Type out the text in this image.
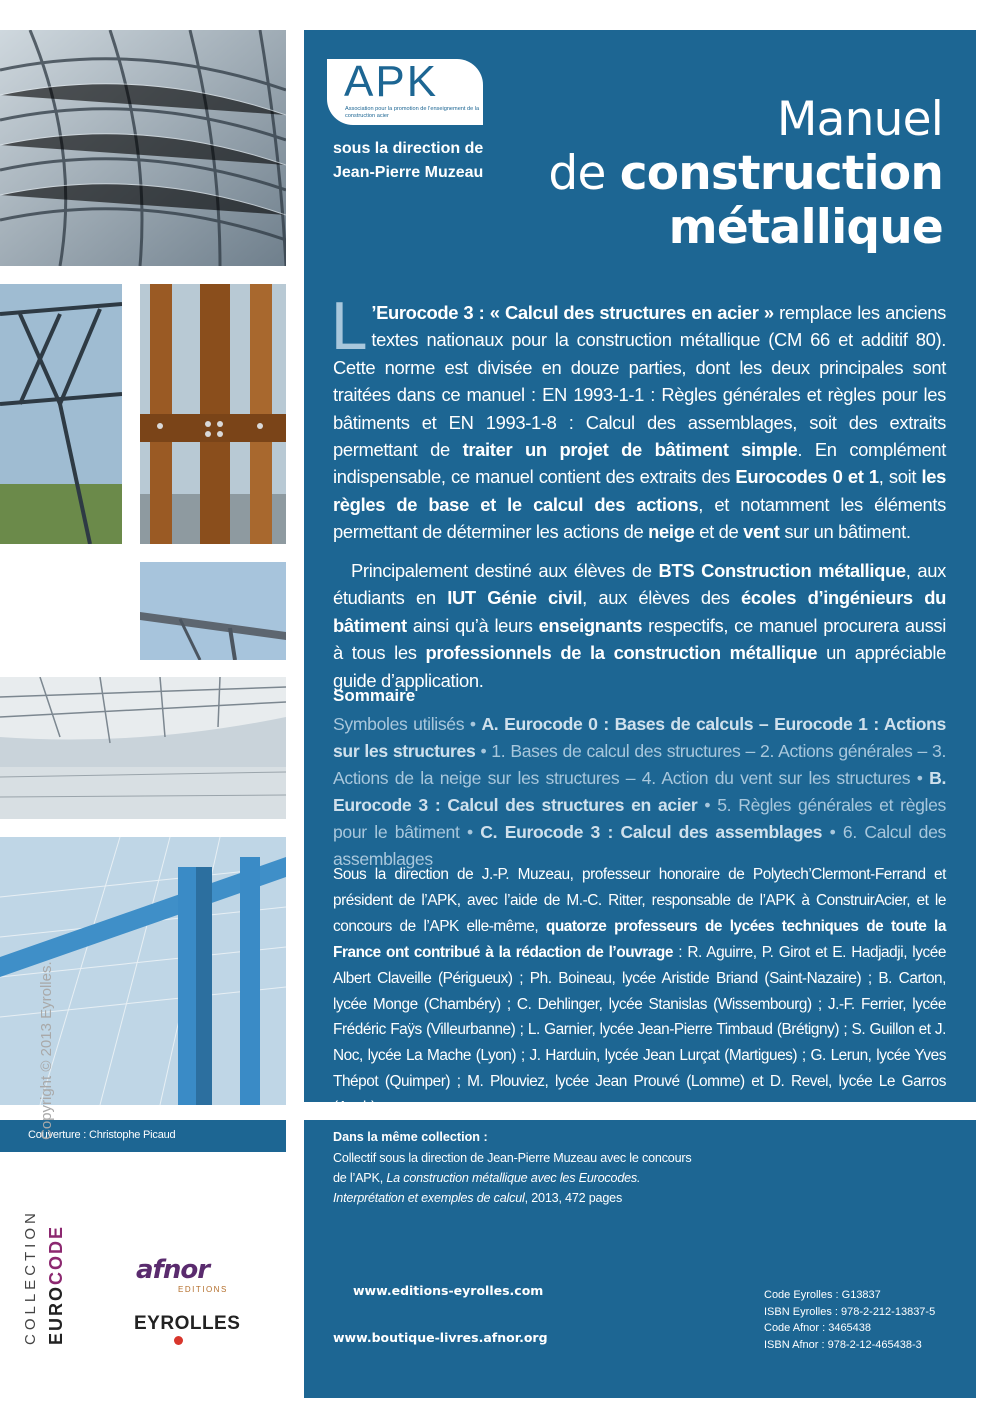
APK
Association pour la promotion de l'enseignement de la construction acier
sous la direction de
Jean-Pierre Muzeau
Manuel
de construction
métallique
L ’Eurocode 3 : « Calcul des structures en acier » remplace les anciens textes nationaux pour la construction métallique (CM 66 et additif 80). Cette norme est divisée en douze parties, dont les deux principales sont traitées dans ce manuel : EN 1993-1-1 : Règles générales et règles pour les bâtiments et EN 1993-1-8 : Calcul des assemblages, soit des extraits permettant de traiter un projet de bâtiment simple. En complément indispensable, ce manuel contient des extraits des Eurocodes 0 et 1, soit les règles de base et le calcul des actions, et notamment les éléments permettant de déterminer les actions de neige et de vent sur un bâtiment.
Principalement destiné aux élèves de BTS Construction métallique, aux étudiants en IUT Génie civil, aux élèves des écoles d’ingénieurs du bâtiment ainsi qu’à leurs enseignants respectifs, ce manuel procurera aussi à tous les professionnels de la construction métallique un appréciable guide d’application.
Sommaire
Symboles utilisés • A. Eurocode 0 : Bases de calculs – Eurocode 1 : Actions sur les structures • 1. Bases de calcul des structures – 2. Actions générales – 3. Actions de la neige sur les structures – 4. Action du vent sur les structures • B. Eurocode 3 : Calcul des structures en acier • 5. Règles générales et règles pour le bâtiment • C. Eurocode 3 : Calcul des assemblages • 6. Calcul des assemblages
Sous la direction de J.-P. Muzeau, professeur honoraire de Polytech’Clermont-Ferrand et président de l’APK, avec l’aide de M.-C. Ritter, responsable de l’APK à ConstruirAcier, et le concours de l’APK elle-même, quatorze professeurs de lycées techniques de toute la France ont contribué à la rédaction de l’ouvrage : R. Aguirre, P. Girot et E. Hadjadji, lycée Albert Claveille (Périgueux) ; Ph. Boineau, lycée Aristide Briand (Saint-Nazaire) ; B. Carton, lycée Monge (Chambéry) ; C. Dehlinger, lycée Stanislas (Wissembourg) ; J.-F. Ferrier, lycée Frédéric Faÿs (Villeurbanne) ; L. Garnier, lycée Jean-Pierre Timbaud (Brétigny) ; S. Guillon et J. Noc, lycée La Mache (Lyon) ; J. Harduin, lycée Jean Lurçat (Martigues) ; G. Lerun, lycée Yves Thépot (Quimper) ; M. Plouviez, lycée Jean Prouvé (Lomme) et D. Revel, lycée Le Garros (Auch).
Dans la même collection :
Collectif sous la direction de Jean-Pierre Muzeau avec le concours de l’APK, La construction métallique avec les Eurocodes. Interprétation et exemples de calcul, 2013, 472 pages
www.editions-eyrolles.com
www.boutique-livres.afnor.org
Code Eyrolles : G13837
ISBN Eyrolles : 978-2-212-13837-5
Code Afnor : 3465438
ISBN Afnor : 978-2-12-465438-3
Couverture : Christophe Picaud
Copyright © 2013 Eyrolles.
COLLECTION EUROCODE	afnor
EDITIONS
EYROLLES
